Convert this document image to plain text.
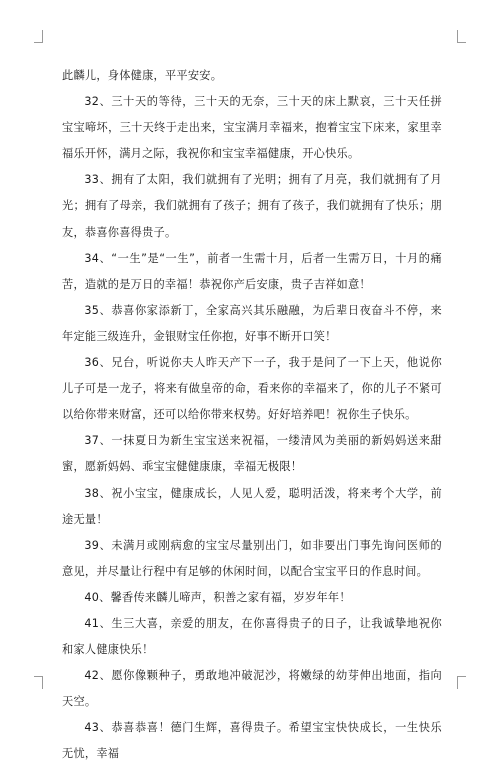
此麟儿，身体健康，平平安安。

32、三十天的等待，三十天的无奈，三十天的床上默哀，三十天任拼宝宝啼坏，三十天终于走出来，宝宝满月幸福来，抱着宝宝下床来，家里幸福乐开怀，满月之际，我祝你和宝宝幸福健康，开心快乐。

33、拥有了太阳，我们就拥有了光明；拥有了月亮，我们就拥有了月光；拥有了母亲，我们就拥有了孩子；拥有了孩子，我们就拥有了快乐；朋友，恭喜你喜得贵子。

34、“一生”是“一生”，前者一生需十月，后者一生需万日，十月的痛苦，造就的是万日的幸福！恭祝你产后安康，贵子吉祥如意！

35、恭喜你家添新丁，全家高兴其乐融融，为后辈日夜奋斗不停，来年定能三级连升，金银财宝任你抱，好事不断开口笑！

36、兄台，听说你夫人昨天产下一子，我于是问了一下上天，他说你儿子可是一龙子，将来有做皇帝的命，看来你的幸福来了，你的儿子不紧可以给你带来财富，还可以给你带来权势。好好培养吧！祝你生子快乐。

37、一抹夏日为新生宝宝送来祝福，一缕清风为美丽的新妈妈送来甜蜜，愿新妈妈、乖宝宝健健康康，幸福无极限！

38、祝小宝宝，健康成长，人见人爱，聪明活泼，将来考个大学，前途无量！

39、未满月或刚病愈的宝宝尽量别出门，如非要出门事先询问医师的意见，并尽量让行程中有足够的休闲时间，以配合宝宝平日的作息时间。

40、馨香传来麟儿啼声，积善之家有福，岁岁年年！

41、生三大喜，亲爱的朋友，在你喜得贵子的日子，让我诚挚地祝你和家人健康快乐！

42、愿你像颗种子，勇敢地冲破泥沙，将嫩绿的幼芽伸出地面，指向天空。

43、恭喜恭喜！德门生辉，喜得贵子。希望宝宝快快成长，一生快乐无忧，幸福
